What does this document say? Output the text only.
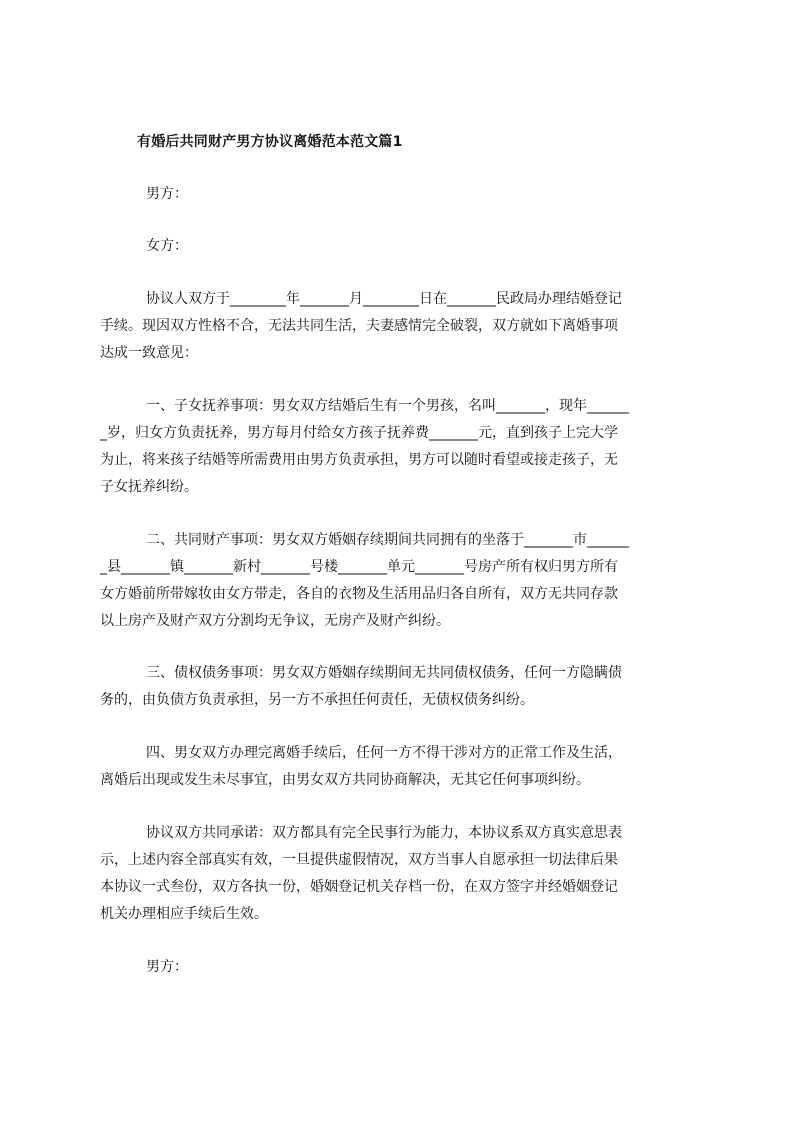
有婚后共同财产男方协议离婚范本范文篇1
男方：
女方：
协议人双方于________年_______月________日在_______民政局办理结婚登记
手续。现因双方性格不合，无法共同生活，夫妻感情完全破裂，双方就如下离婚事项
达成一致意见：
一、子女抚养事项：男女双方结婚后生有一个男孩，名叫_______，现年______
_岁，归女方负责抚养，男方每月付给女方孩子抚养费_______元，直到孩子上完大学
为止，将来孩子结婚等所需费用由男方负责承担，男方可以随时看望或接走孩子，无
子女抚养纠纷。
二、共同财产事项：男女双方婚姻存续期间共同拥有的坐落于_______市______
_县_______镇_______新村_______号楼_______单元_______号房产所有权归男方所有
女方婚前所带嫁妆由女方带走，各自的衣物及生活用品归各自所有，双方无共同存款
以上房产及财产双方分割均无争议，无房产及财产纠纷。
三、债权债务事项：男女双方婚姻存续期间无共同债权债务，任何一方隐瞒债
务的，由负债方负责承担，另一方不承担任何责任，无债权债务纠纷。
四、男女双方办理完离婚手续后，任何一方不得干涉对方的正常工作及生活，
离婚后出现或发生未尽事宜，由男女双方共同协商解决，无其它任何事项纠纷。
协议双方共同承诺：双方都具有完全民事行为能力，本协议系双方真实意思表
示，上述内容全部真实有效，一旦提供虚假情况，双方当事人自愿承担一切法律后果
本协议一式叁份，双方各执一份，婚姻登记机关存档一份，在双方签字并经婚姻登记
机关办理相应手续后生效。
男方：
